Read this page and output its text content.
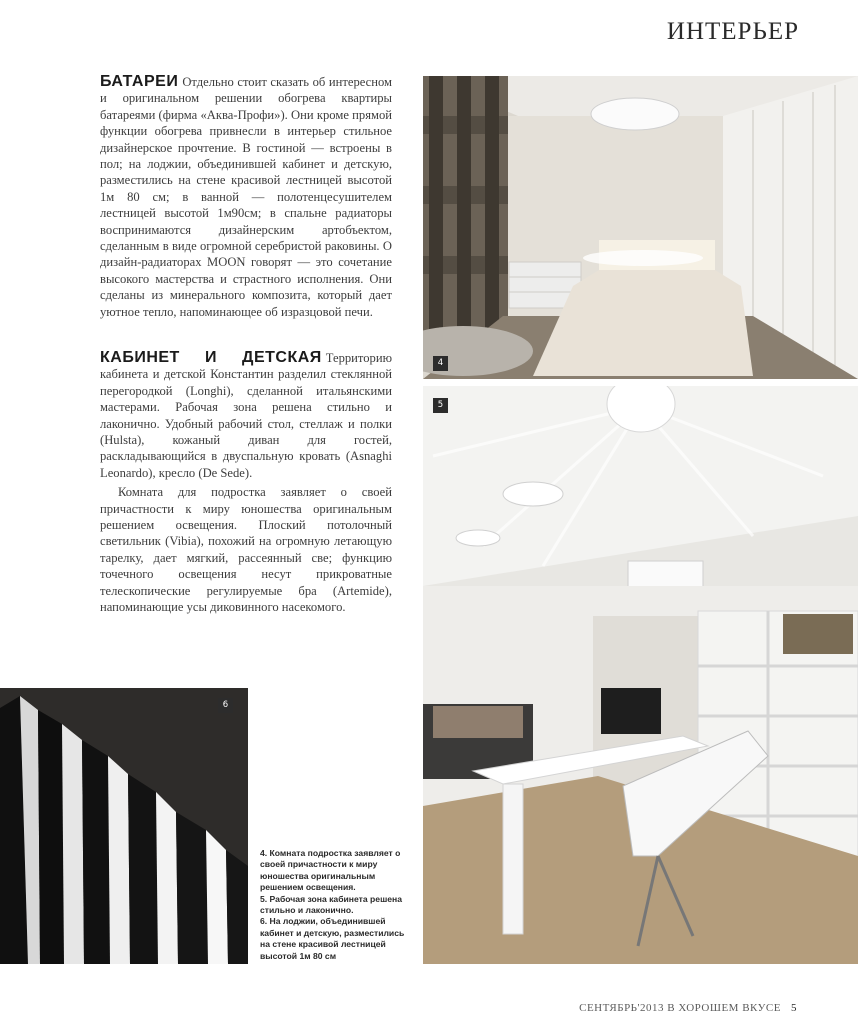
ИНТЕРЬЕР

БАТАРЕИ Отдельно стоит сказать об интересном и оригинальном решении обогрева квартиры батареями (фирма «Аква-Профи»). Они кроме прямой функции обогрева привнесли в интерьер стильное дизайнерское прочтение. В гостиной — встроены в пол; на лоджии, объединившей кабинет и детскую, разместились на стене красивой лестницей высотой 1м 80 см; в ванной — полотенцесушителем лестницей высотой 1м90см; в спальне радиаторы воспринимаются дизайнерским артобъектом, сделанным в виде огромной серебристой раковины. О дизайн-радиаторах MOON говорят — это сочетание высокого мастерства и страстного исполнения. Они сделаны из минерального композита, который дает уютное тепло, напоминающее об изразцовой печи.

КАБИНЕТ И ДЕТСКАЯ Территорию кабинета и детской Константин разделил стеклянной перегородкой (Longhi), сделанной итальянскими мастерами. Рабочая зона решена стильно и лаконично. Удобный рабочий стол, стеллаж и полки (Hulsta), кожаный диван для гостей, раскладывающийся в двуспальную кровать (Asnaghi Leonardo), кресло (De Sede).

Комната для подростка заявляет о своей причастности к миру юношества оригинальным решением освещения. Плоский потолочный светильник (Vibia), похожий на огромную летающую тарелку, дает мягкий, рассеянный све; функцию точечного освещения несут прикроватные телескопические регулируемые бра (Artemide), напоминающие усы диковинного насекомого.

4
5
6

4. Комната подростка заявляет о своей причастности к миру юношества оригинальным решением освещения.

5. Рабочая зона кабинета решена стильно и лаконично.

6. На лоджии, объединившей кабинет и детскую, разместились на стене красивой лестницей высотой 1м 80 см

СЕНТЯБРЬ'2013 В ХОРОШЕМ ВКУСЕ 5
